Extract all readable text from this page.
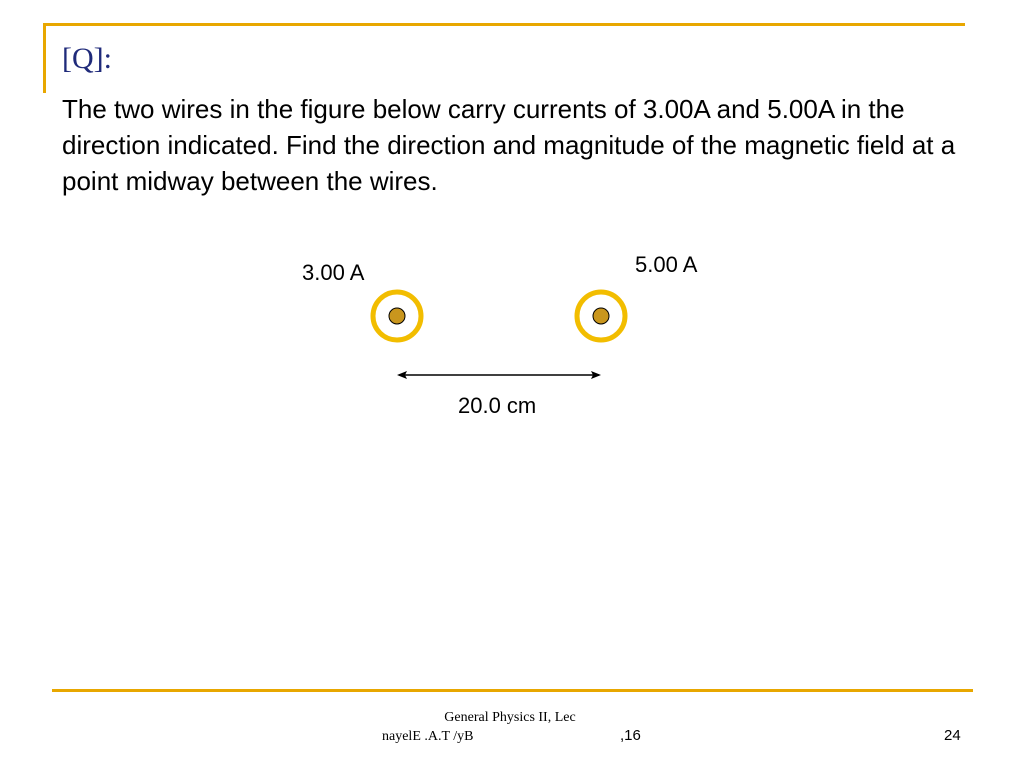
[Q]:

The two wires in the figure below carry currents of 3.00A and 5.00A in the direction indicated. Find the direction and magnitude of the magnetic field at a point midway between the wires.

3.00 A	5.00 A
20.0 cm
General Physics II, Lec
nayelE .A.T /yB	,16	24
